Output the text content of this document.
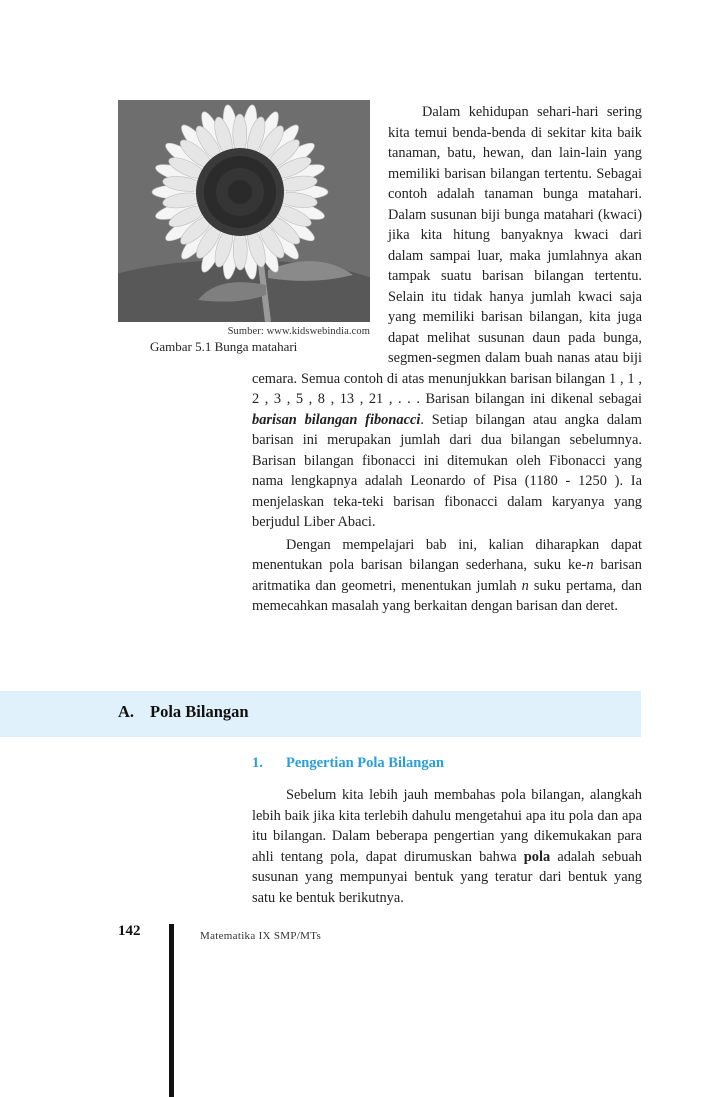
Sumber: www.kidswebindia.com
Gambar 5.1 Bunga matahari

Dalam kehidupan sehari-hari sering kita temui benda-benda di sekitar kita baik tanaman, batu, hewan, dan lain-lain yang memiliki barisan bilangan tertentu. Sebagai contoh adalah tanaman bunga matahari. Dalam susunan biji bunga matahari (kwaci) jika kita hitung banyaknya kwaci dari dalam sampai luar, maka jumlahnya akan tampak suatu barisan bilangan tertentu. Selain itu tidak hanya jumlah kwaci saja yang memiliki barisan bilangan, kita juga dapat melihat susunan daun pada bunga, segmen-segmen dalam buah nanas atau biji cemara. Semua contoh di atas menunjukkan barisan bilangan 1 , 1 , 2 , 3 , 5 , 8 , 13 , 21 , . . . Barisan bilangan ini dikenal sebagai barisan bilangan fibonacci. Setiap bilangan atau angka dalam barisan ini merupakan jumlah dari dua bilangan sebelumnya. Barisan bilangan fibonacci ini ditemukan oleh Fibonacci yang nama lengkapnya adalah Leonardo of Pisa (1180 - 1250 ). Ia menjelaskan teka-teki barisan fibonacci dalam karyanya yang berjudul Liber Abaci.

Dengan mempelajari bab ini, kalian diharapkan dapat menentukan pola barisan bilangan sederhana, suku ke-n barisan aritmatika dan geometri, menentukan jumlah n suku pertama, dan memecahkan masalah yang berkaitan dengan barisan dan deret.

A. Pola Bilangan
1. Pengertian Pola Bilangan

Sebelum kita lebih jauh membahas pola bilangan, alangkah lebih baik jika kita terlebih dahulu mengetahui apa itu pola dan apa itu bilangan. Dalam beberapa pengertian yang dikemukakan para ahli tentang pola, dapat dirumuskan bahwa pola adalah sebuah susunan yang mempunyai bentuk yang teratur dari bentuk yang satu ke bentuk berikutnya.

142	Matematika IX SMP/MTs
